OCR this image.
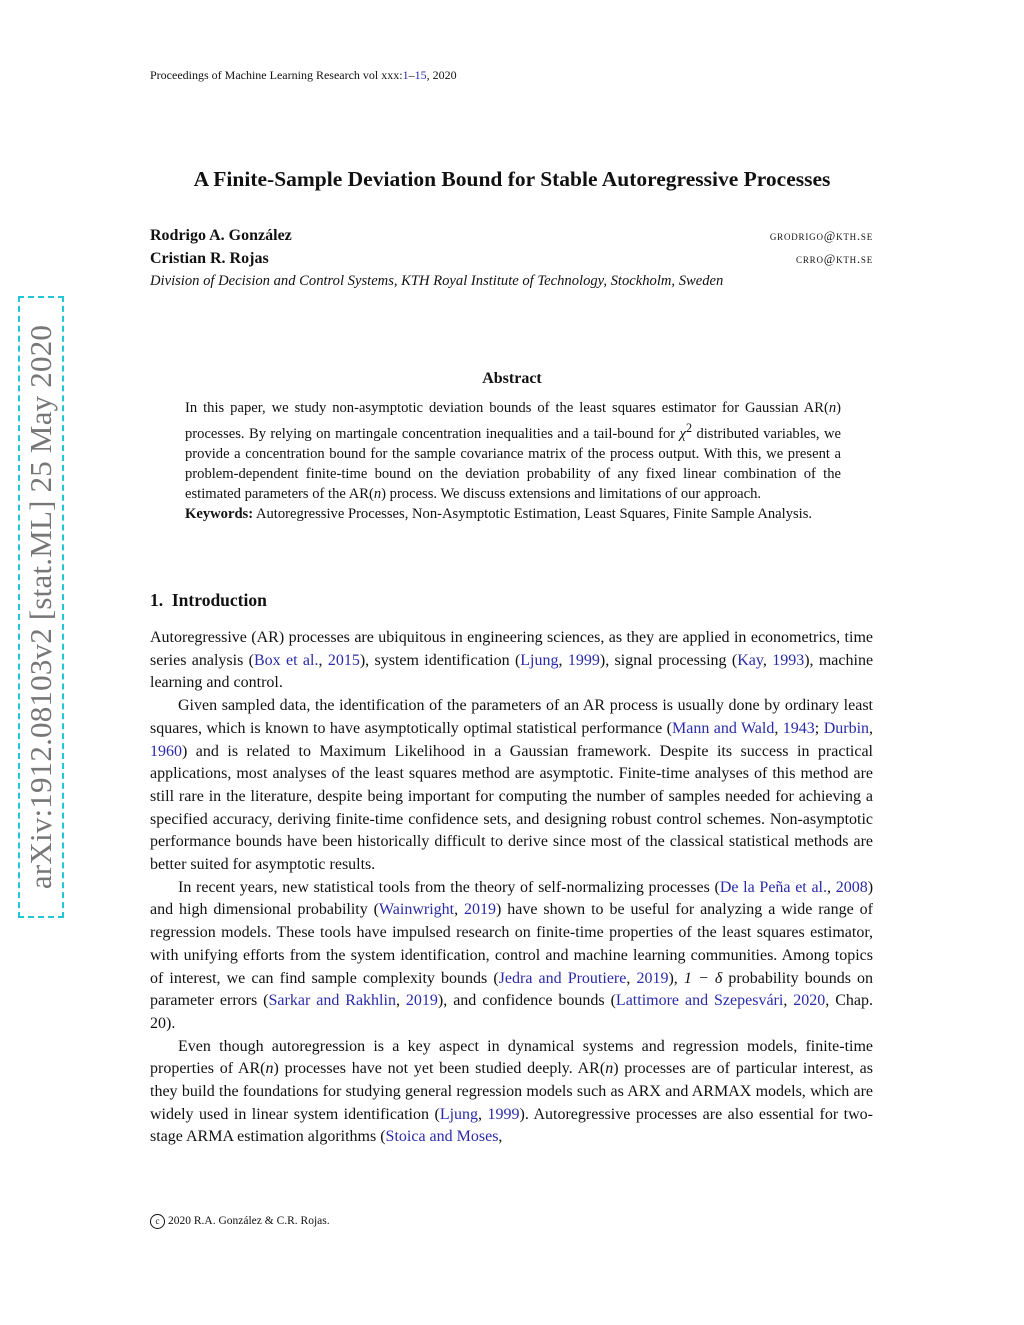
Proceedings of Machine Learning Research vol xxx:1–15, 2020
arXiv:1912.08103v2 [stat.ML] 25 May 2020
A Finite-Sample Deviation Bound for Stable Autoregressive Processes
Rodrigo A. González	grodrigo@kth.se
Cristian R. Rojas	crro@kth.se
Division of Decision and Control Systems, KTH Royal Institute of Technology, Stockholm, Sweden
Abstract

In this paper, we study non-asymptotic deviation bounds of the least squares estimator for Gaussian AR(n) processes. By relying on martingale concentration inequalities and a tail-bound for $\chi^2$ distributed variables, we provide a concentration bound for the sample covariance matrix of the process output. With this, we present a problem-dependent finite-time bound on the deviation probability of any fixed linear combination of the estimated parameters of the AR(n) process. We discuss extensions and limitations of our approach.

Keywords: Autoregressive Processes, Non-Asymptotic Estimation, Least Squares, Finite Sample Analysis.

1. Introduction

Autoregressive (AR) processes are ubiquitous in engineering sciences, as they are applied in econometrics, time series analysis (Box et al., 2015), system identification (Ljung, 1999), signal processing (Kay, 1993), machine learning and control.

Given sampled data, the identification of the parameters of an AR process is usually done by ordinary least squares, which is known to have asymptotically optimal statistical performance (Mann and Wald, 1943; Durbin, 1960) and is related to Maximum Likelihood in a Gaussian framework. Despite its success in practical applications, most analyses of the least squares method are asymptotic. Finite-time analyses of this method are still rare in the literature, despite being important for computing the number of samples needed for achieving a specified accuracy, deriving finite-time confidence sets, and designing robust control schemes. Non-asymptotic performance bounds have been historically difficult to derive since most of the classical statistical methods are better suited for asymptotic results.

In recent years, new statistical tools from the theory of self-normalizing processes (De la Peña et al., 2008) and high dimensional probability (Wainwright, 2019) have shown to be useful for analyzing a wide range of regression models. These tools have impulsed research on finite-time properties of the least squares estimator, with unifying efforts from the system identification, control and machine learning communities. Among topics of interest, we can find sample complexity bounds (Jedra and Proutiere, 2019), 1 − δ probability bounds on parameter errors (Sarkar and Rakhlin, 2019), and confidence bounds (Lattimore and Szepesvári, 2020, Chap. 20).

Even though autoregression is a key aspect in dynamical systems and regression models, finite-time properties of AR(n) processes have not yet been studied deeply. AR(n) processes are of particular interest, as they build the foundations for studying general regression models such as ARX and ARMAX models, which are widely used in linear system identification (Ljung, 1999). Autoregressive processes are also essential for two-stage ARMA estimation algorithms (Stoica and Moses,

c 2020 R.A. González & C.R. Rojas.
